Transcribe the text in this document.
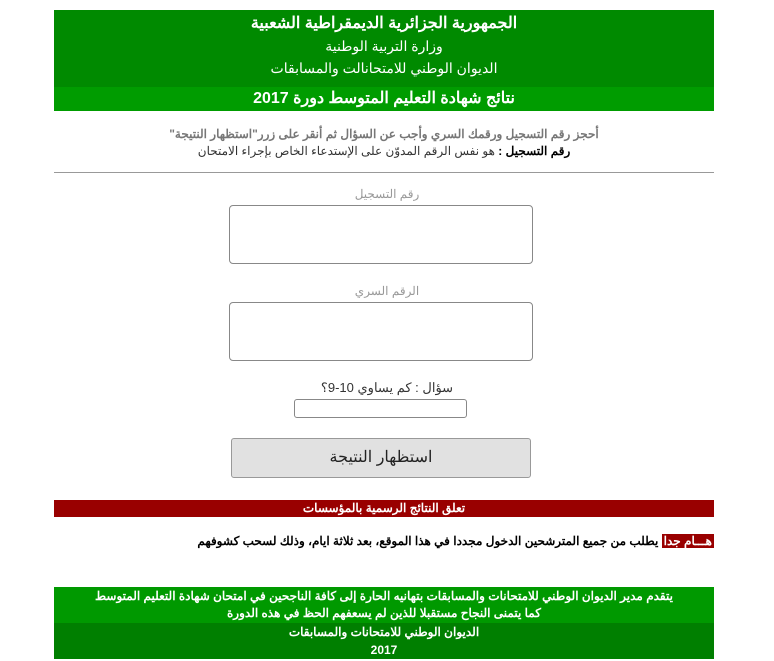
الجمهورية الجزائرية الديمقراطية الشعبية
وزارة التربية الوطنية
الديوان الوطني للامتحانالت والمسابقات
نتائج شهادة التعليم المتوسط دورة 2017
أحجز رقم التسجيل ورقمك السري وأجب عن السؤال ثم أنقر على زرر"استظهار النتيجة"
رقم التسجيل : هو نفس الرقم المدوّن على الإستدعاء الخاص بإجراء الامتحان
رقم التسجيل
الرقم السري
سؤال : كم يساوي 10-9؟
استظهار النتيجة
تعلق النتائج الرسمية بالمؤسسات
هـــام جدا يطلب من جميع المترشحين الدخول مجددا في هذا الموقع، بعد ثلاثة ايام، وذلك لسحب كشوفهم
يتقدم مدير الديوان الوطني للامتحانات والمسابقات بتهانيه الحارة إلى كافة الناجحين في امتحان شهادة التعليم المتوسط
كما يتمنى النجاح مستقبلا للذين لم يسعفهم الحظ في هذه الدورة
الديوان الوطني للامتحانات والمسابقات
2017
